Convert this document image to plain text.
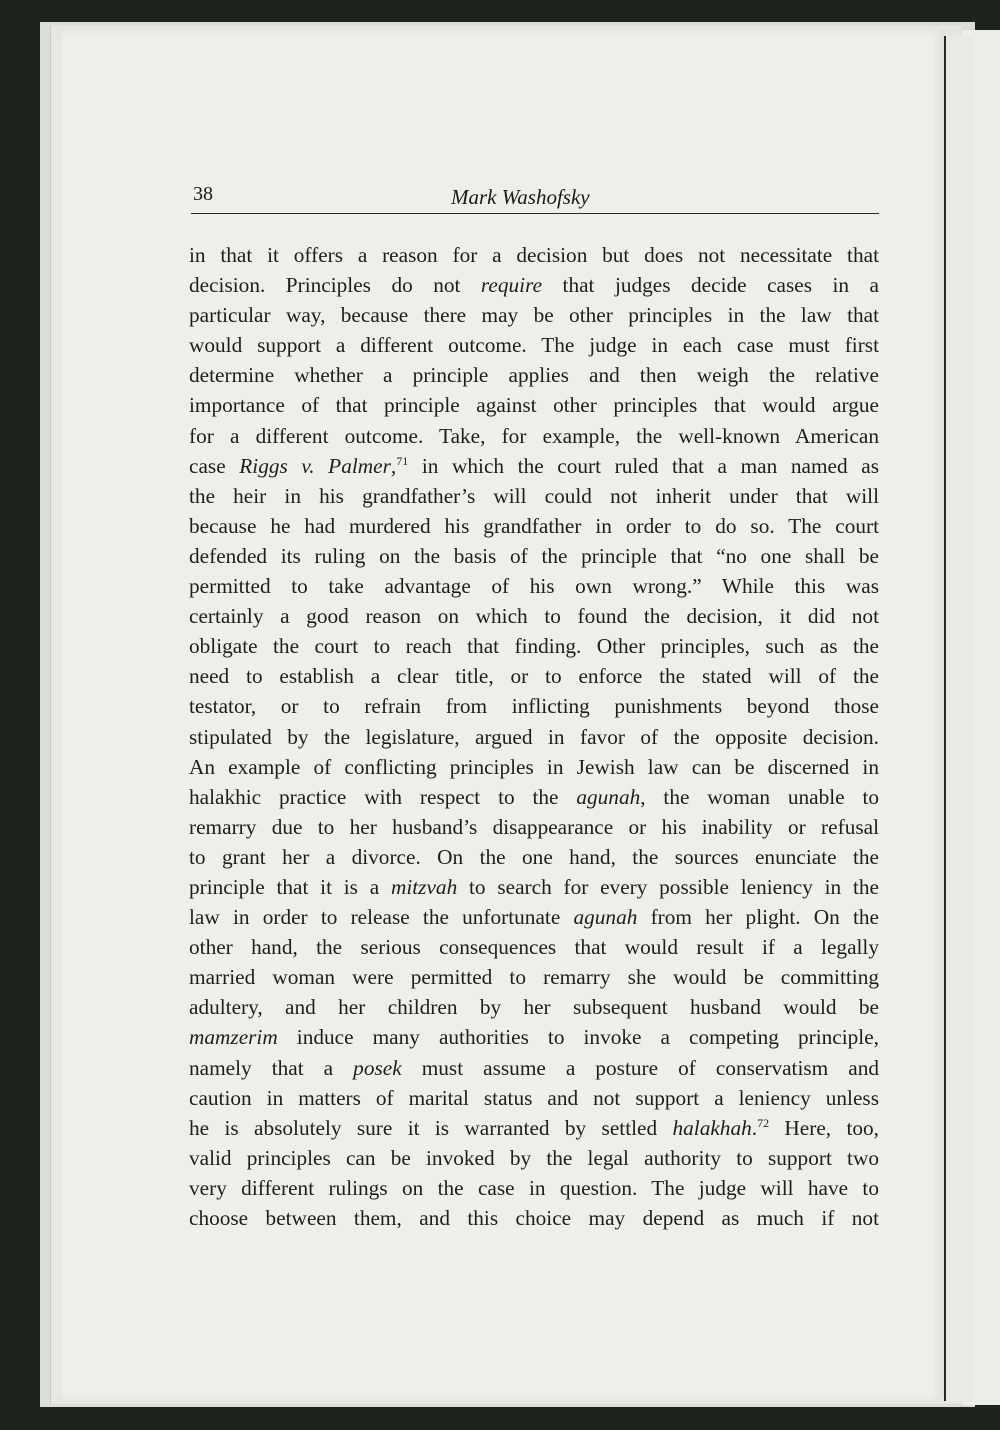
38	Mark Washofsky
in that it offers a reason for a decision but does not necessitate that
decision. Principles do not require that judges decide cases in a
particular way, because there may be other principles in the law that
would support a different outcome. The judge in each case must first
determine whether a principle applies and then weigh the relative
importance of that principle against other principles that would argue
for a different outcome. Take, for example, the well-known American
case Riggs v. Palmer,$^{71}$ in which the court ruled that a man named as
the heir in his grandfather’s will could not inherit under that will
because he had murdered his grandfather in order to do so. The court
defended its ruling on the basis of the principle that “no one shall be
permitted to take advantage of his own wrong.” While this was
certainly a good reason on which to found the decision, it did not
obligate the court to reach that finding. Other principles, such as the
need to establish a clear title, or to enforce the stated will of the
testator, or to refrain from inflicting punishments beyond those
stipulated by the legislature, argued in favor of the opposite decision.
An example of conflicting principles in Jewish law can be discerned in
halakhic practice with respect to the agunah, the woman unable to
remarry due to her husband’s disappearance or his inability or refusal
to grant her a divorce. On the one hand, the sources enunciate the
principle that it is a mitzvah to search for every possible leniency in the
law in order to release the unfortunate agunah from her plight. On the
other hand, the serious consequences that would result if a legally
married woman were permitted to remarry she would be committing
adultery, and her children by her subsequent husband would be
mamzerim induce many authorities to invoke a competing principle,
namely that a posek must assume a posture of conservatism and
caution in matters of marital status and not support a leniency unless
he is absolutely sure it is warranted by settled halakhah.$^{72}$ Here, too,
valid principles can be invoked by the legal authority to support two
very different rulings on the case in question. The judge will have to
choose between them, and this choice may depend as much if not
